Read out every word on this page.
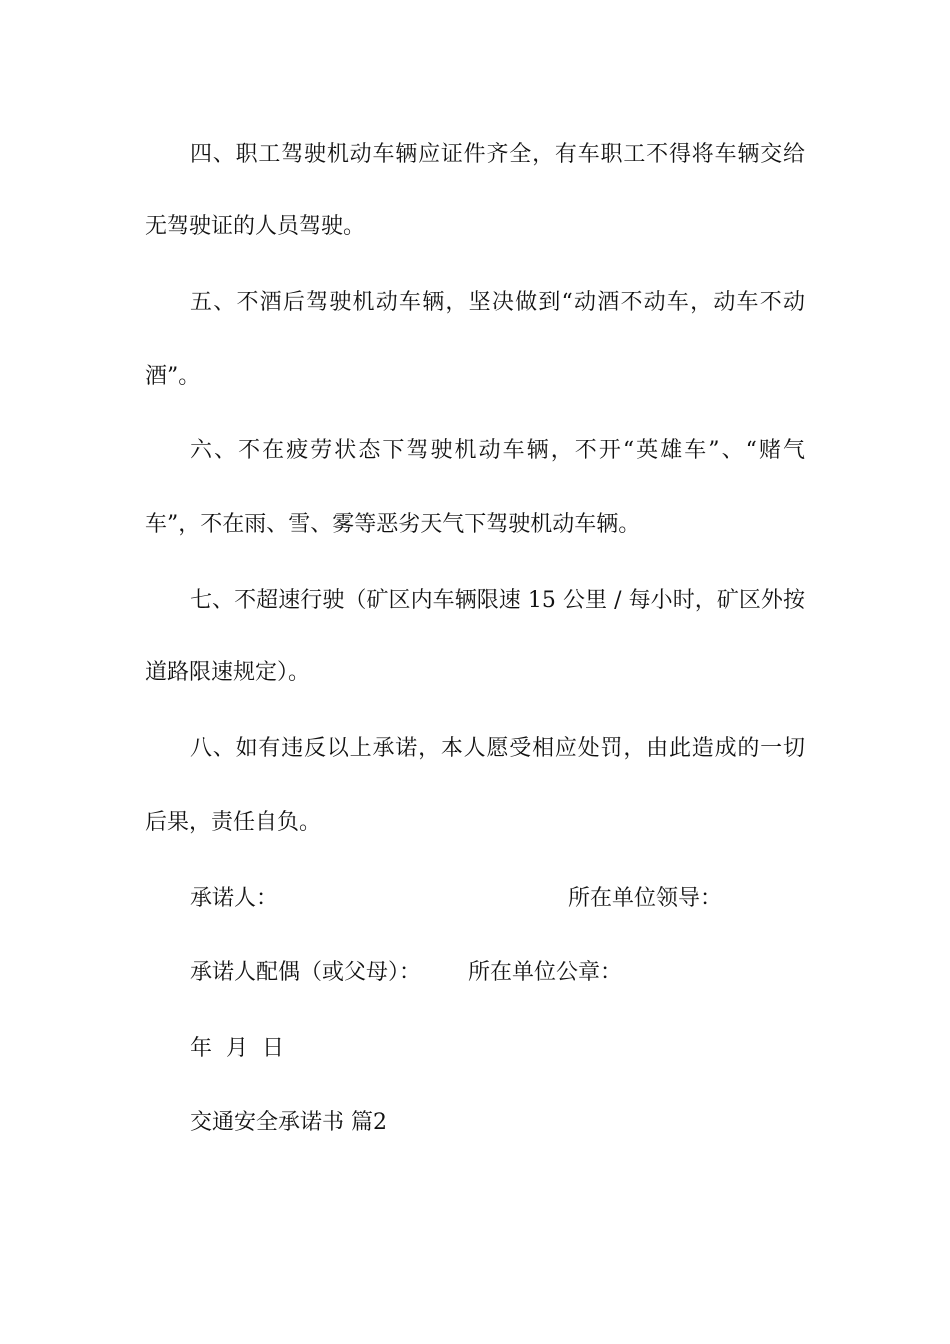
四、职工驾驶机动车辆应证件齐全，有车职工不得将车辆交给
无驾驶证的人员驾驶。
五、不酒后驾驶机动车辆，坚决做到“动酒不动车，动车不动
酒”。
六、不在疲劳状态下驾驶机动车辆，不开“英雄车”、“赌气
车”，不在雨、雪、雾等恶劣天气下驾驶机动车辆。
七、不超速行驶（矿区内车辆限速 15 公里 / 每小时，矿区外按
道路限速规定）。
八、如有违反以上承诺，本人愿受相应处罚，由此造成的一切
后果，责任自负。
承诺人：	所在单位领导：
承诺人配偶（或父母）： 所在单位公章：
年  月  日
交通安全承诺书 篇2
